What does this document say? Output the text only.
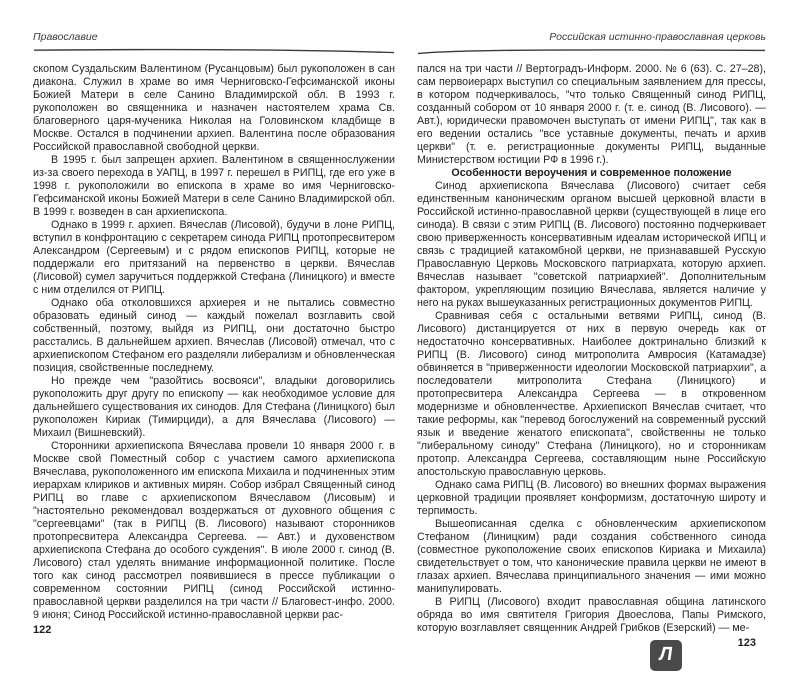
Православие

скопом Суздальским Валентином (Русанцовым) был рукоположен в сан диакона. Служил в храме во имя Черниговско-Гефсиманской иконы Божией Матери в селе Санино Владимирской обл. В 1993 г. рукоположен во священника и назначен настоятелем храма Св. благоверного царя-мученика Николая на Головинском кладбище в Москве. Остался в подчинении архиеп. Валентина после образования Российской православной свободной церкви.

В 1995 г. был запрещен архиеп. Валентином в священнослужении из-за своего перехода в УАПЦ, в 1997 г. перешел в РИПЦ, где его уже в 1998 г. рукоположили во епископа в храме во имя Черниговско-Гефсиманской иконы Божией Матери в селе Санино Владимирской обл. В 1999 г. возведен в сан архиепископа.

Однако в 1999 г. архиеп. Вячеслав (Лисовой), будучи в лоне РИПЦ, вступил в конфронтацию с секретарем синода РИПЦ протопресвитером Александром (Сергеевым) и с рядом епископов РИПЦ, которые не поддержали его притязаний на первенство в церкви. Вячеслав (Лисовой) сумел заручиться поддержкой Стефана (Линицкого) и вместе с ним отделился от РИПЦ.

Однако оба отколовшихся архиерея и не пытались совместно образовать единый синод — каждый пожелал возглавить свой собственный, поэтому, выйдя из РИПЦ, они достаточно быстро расстались. В дальнейшем архиеп. Вячеслав (Лисовой) отмечал, что с архиепископом Стефаном его разделяли либерализм и обновленческая позиция, свойственные последнему.

Но прежде чем "разойтись восвояси", владыки договорились рукоположить друг другу по епископу — как необходимое условие для дальнейшего существования их синодов. Для Стефана (Линицкого) был рукоположен Кириак (Тимирциди), а для Вячеслава (Лисового) — Михаил (Вишневский).

Сторонники архиепископа Вячеслава провели 10 января 2000 г. в Москве свой Поместный собор с участием самого архиепископа Вячеслава, рукоположенного им епископа Михаила и подчиненных этим иерархам клириков и активных мирян. Собор избрал Священный синод РИПЦ во главе с архиепископом Вячеславом (Лисовым) и "настоятельно рекомендовал воздержаться от духовного общения с "сергеевцами" (так в РИПЦ (В. Лисового) называют сторонников протопресвитера Александра Сергеева. — Авт.) и духовенством архиепископа Стефана до особого суждения". В июле 2000 г. синод (В. Лисового) стал уделять внимание информационной политике. После того как синод рассмотрел появившиеся в прессе публикации о современном состоянии РИПЦ (синод Российской истинно-православной церкви разделился на три части // Благовест-инфо. 2000. 9 июня; Синод Российской истинно-православной церкви рас-

122
Российская истинно-православная церковь

пался на три части // Вертоградъ-Информ. 2000. № 6 (63). С. 27–28), сам первоиерарх выступил со специальным заявлением для прессы, в котором подчеркивалось, "что только Священный синод РИПЦ, созданный собором от 10 января 2000 г. (т. е. синод (В. Лисового). — Авт.), юридически правомочен выступать от имени РИПЦ", так как в его ведении остались "все уставные документы, печать и архив церкви" (т. е. регистрационные документы РИПЦ, выданные Министерством юстиции РФ в 1996 г.).

Особенности вероучения и современное положение

Синод архиепископа Вячеслава (Лисового) считает себя единственным каноническим органом высшей церковной власти в Российской истинно-православной церкви (существующей в лице его синода). В связи с этим РИПЦ (В. Лисового) постоянно подчеркивает свою приверженность консервативным идеалам исторической ИПЦ и связь с традицией катакомбной церкви, не признававшей Русскую Православную Церковь Московского патриархата, которую архиеп. Вячеслав называет "советской патриархией". Дополнительным фактором, укрепляющим позицию Вячеслава, является наличие у него на руках вышеуказанных регистрационных документов РИПЦ.

Сравнивая себя с остальными ветвями РИПЦ, синод (В. Лисового) дистанцируется от них в первую очередь как от недостаточно консервативных. Наиболее доктринально близкий к РИПЦ (В. Лисового) синод митрополита Амвросия (Катамадзе) обвиняется в "приверженности идеологии Московской патриархии", а последователи митрополита Стефана (Линицкого) и протопресвитера Александра Сергеева — в откровенном модернизме и обновленчестве. Архиепископ Вячеслав считает, что такие реформы, как "перевод богослужений на современный русский язык и введение женатого епископата", свойственны не только "либеральному синоду" Стефана (Линицкого), но и сторонникам протопр. Александра Сергеева, составляющим ныне Российскую апостольскую православную церковь.

Однако сама РИПЦ (В. Лисового) во внешних формах выражения церковной традиции проявляет конформизм, достаточную широту и терпимость.

Вышеописанная сделка с обновленческим архиепископом Стефаном (Линицким) ради создания собственного синода (совместное рукоположение своих епископов Кириака и Михаила) свидетельствует о том, что канонические правила церкви не имеют в глазах архиеп. Вячеслава принципиального значения — ими можно манипулировать.

В РИПЦ (Лисового) входит православная община латинского обряда во имя святителя Григория Двоеслова, Папы Римского, которую возглавляет священник Андрей Грибков (Езерский) — ме-

123
Л
